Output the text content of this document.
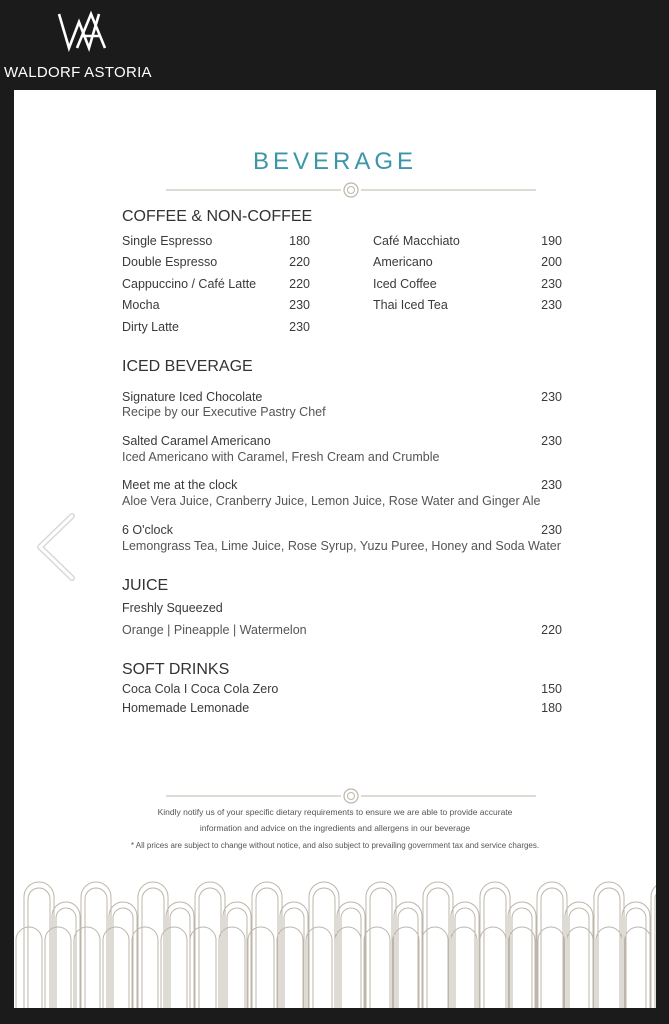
WALDORF ASTORIA
BEVERAGE
COFFEE & NON-COFFEE
Single Espresso	180
Double Espresso	220
Cappuccino / Café Latte	220
Mocha	230
Dirty Latte	230
Café Macchiato	190
Americano	200
Iced Coffee	230
Thai Iced Tea	230
ICED BEVERAGE
Signature Iced Chocolate	230
Recipe by our Executive Pastry Chef
Salted Caramel Americano	230
Iced Americano with Caramel, Fresh Cream and Crumble
Meet me at the clock	230
Aloe Vera Juice, Cranberry Juice, Lemon Juice, Rose Water and Ginger Ale
6 O'clock	230
Lemongrass Tea, Lime Juice, Rose Syrup, Yuzu Puree, Honey and Soda Water
JUICE
Freshly Squeezed
Orange | Pineapple | Watermelon	220
SOFT DRINKS
Coca Cola I Coca Cola Zero	150
Homemade Lemonade	180
Kindly notify us of your specific dietary requirements to ensure we are able to provide accurate
information and advice on the ingredients and allergens in our beverage
* All prices are subject to change without notice, and also subject to prevailing government tax and service charges.
